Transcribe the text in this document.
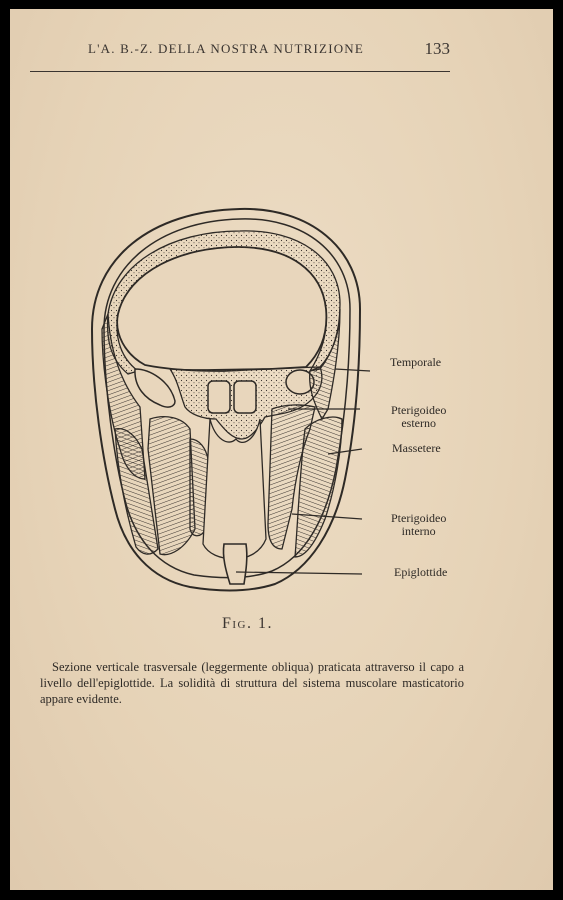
L'A. B.-Z. DELLA NOSTRA NUTRIZIONE	133
Temporale
Pterigoideo
esterno
Massetere
Pterigoideo
interno
Epiglottide
Fig. 1.
Sezione verticale trasversale (leggermente obliqua) praticata attraverso il capo a livello dell'epiglottide. La solidità di struttura del sistema muscolare masticatorio appare evidente.
